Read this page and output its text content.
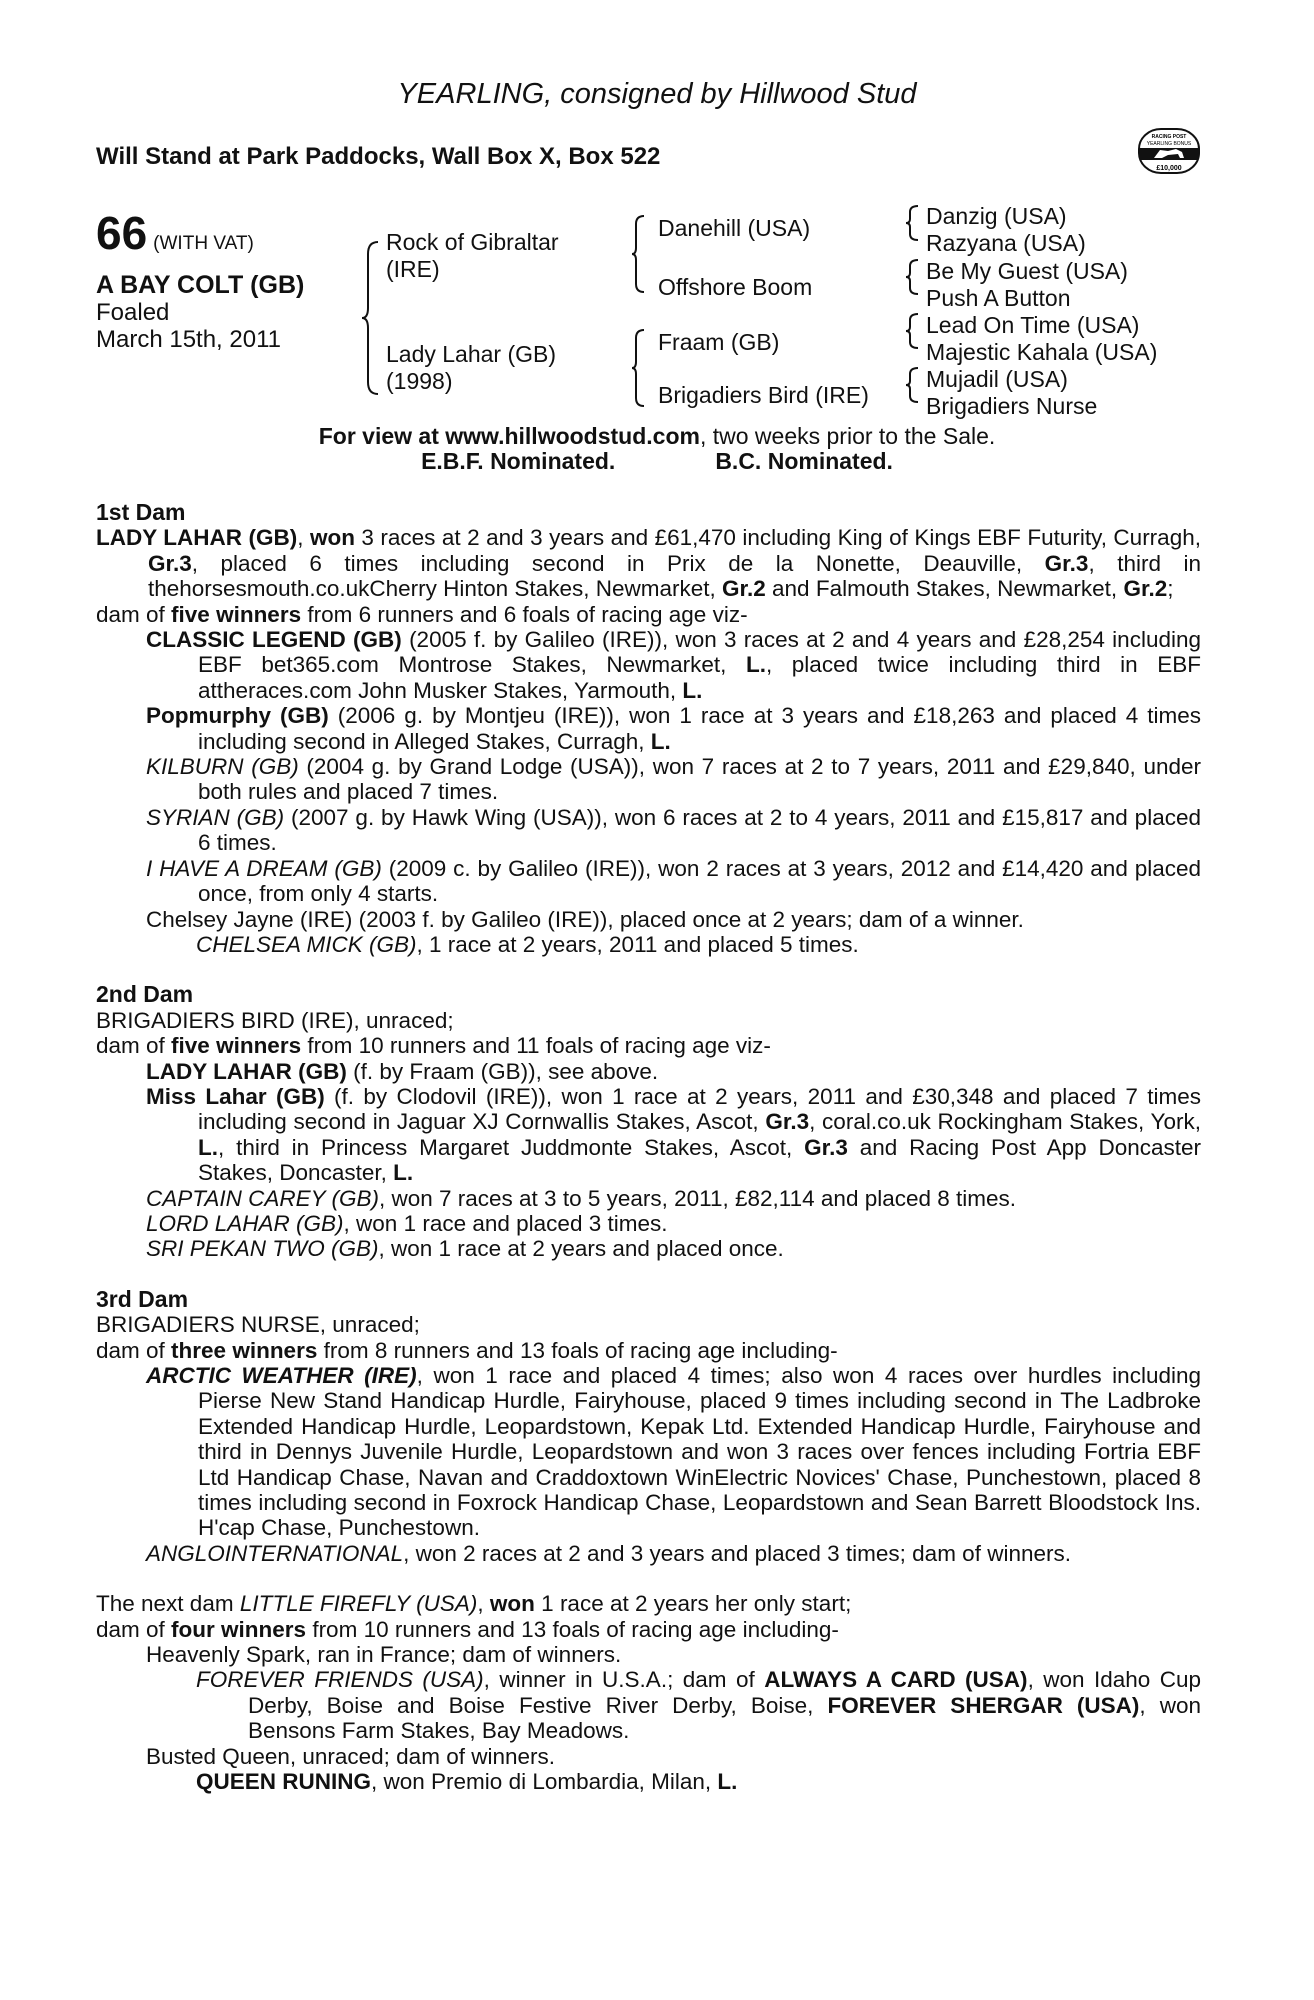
YEARLING, consigned by Hillwood Stud
Will Stand at Park Paddocks, Wall Box X, Box 522
RACING POST
YEARLING BONUS
£10,000
66 (WITH VAT)
A BAY COLT (GB)
Foaled
March 15th, 2011
Rock of Gibraltar
(IRE)
Lady Lahar (GB)
(1998)
Danehill (USA)
Offshore Boom
Fraam (GB)
Brigadiers Bird (IRE)
Danzig (USA)
Razyana (USA)
Be My Guest (USA)
Push A Button
Lead On Time (USA)
Majestic Kahala (USA)
Mujadil (USA)
Brigadiers Nurse
For view at www.hillwoodstud.com, two weeks prior to the Sale.
E.B.F. Nominated.	B.C. Nominated.

1st Dam

LADY LAHAR (GB), won 3 races at 2 and 3 years and £61,470 including King of Kings EBF Futurity, Curragh, Gr.3, placed 6 times including second in Prix de la Nonette, Deauville, Gr.3, third in thehorsesmouth.co.ukCherry Hinton Stakes, Newmarket, Gr.2 and Falmouth Stakes, Newmarket, Gr.2;

dam of five winners from 6 runners and 6 foals of racing age viz-

CLASSIC LEGEND (GB) (2005 f. by Galileo (IRE)), won 3 races at 2 and 4 years and £28,254 including EBF bet365.com Montrose Stakes, Newmarket, L., placed twice including third in EBF attheraces.com John Musker Stakes, Yarmouth, L.

Popmurphy (GB) (2006 g. by Montjeu (IRE)), won 1 race at 3 years and £18,263 and placed 4 times including second in Alleged Stakes, Curragh, L.

KILBURN (GB) (2004 g. by Grand Lodge (USA)), won 7 races at 2 to 7 years, 2011 and £29,840, under both rules and placed 7 times.

SYRIAN (GB) (2007 g. by Hawk Wing (USA)), won 6 races at 2 to 4 years, 2011 and £15,817 and placed 6 times.

I HAVE A DREAM (GB) (2009 c. by Galileo (IRE)), won 2 races at 3 years, 2012 and £14,420 and placed once, from only 4 starts.

Chelsey Jayne (IRE) (2003 f. by Galileo (IRE)), placed once at 2 years; dam of a winner.

CHELSEA MICK (GB), 1 race at 2 years, 2011 and placed 5 times.

2nd Dam

BRIGADIERS BIRD (IRE), unraced;

dam of five winners from 10 runners and 11 foals of racing age viz-

LADY LAHAR (GB) (f. by Fraam (GB)), see above.

Miss Lahar (GB) (f. by Clodovil (IRE)), won 1 race at 2 years, 2011 and £30,348 and placed 7 times including second in Jaguar XJ Cornwallis Stakes, Ascot, Gr.3, coral.co.uk Rockingham Stakes, York, L., third in Princess Margaret Juddmonte Stakes, Ascot, Gr.3 and Racing Post App Doncaster Stakes, Doncaster, L.

CAPTAIN CAREY (GB), won 7 races at 3 to 5 years, 2011, £82,114 and placed 8 times.

LORD LAHAR (GB), won 1 race and placed 3 times.

SRI PEKAN TWO (GB), won 1 race at 2 years and placed once.

3rd Dam

BRIGADIERS NURSE, unraced;

dam of three winners from 8 runners and 13 foals of racing age including-

ARCTIC WEATHER (IRE), won 1 race and placed 4 times; also won 4 races over hurdles including Pierse New Stand Handicap Hurdle, Fairyhouse, placed 9 times including second in The Ladbroke Extended Handicap Hurdle, Leopardstown, Kepak Ltd. Extended Handicap Hurdle, Fairyhouse and third in Dennys Juvenile Hurdle, Leopardstown and won 3 races over fences including Fortria EBF Ltd Handicap Chase, Navan and Craddoxtown WinElectric Novices' Chase, Punchestown, placed 8 times including second in Foxrock Handicap Chase, Leopardstown and Sean Barrett Bloodstock Ins. H'cap Chase, Punchestown.

ANGLOINTERNATIONAL, won 2 races at 2 and 3 years and placed 3 times; dam of winners.

The next dam LITTLE FIREFLY (USA), won 1 race at 2 years her only start;

dam of four winners from 10 runners and 13 foals of racing age including-

Heavenly Spark, ran in France; dam of winners.

FOREVER FRIENDS (USA), winner in U.S.A.; dam of ALWAYS A CARD (USA), won Idaho Cup Derby, Boise and Boise Festive River Derby, Boise, FOREVER SHERGAR (USA), won Bensons Farm Stakes, Bay Meadows.

Busted Queen, unraced; dam of winners.

QUEEN RUNING, won Premio di Lombardia, Milan, L.
